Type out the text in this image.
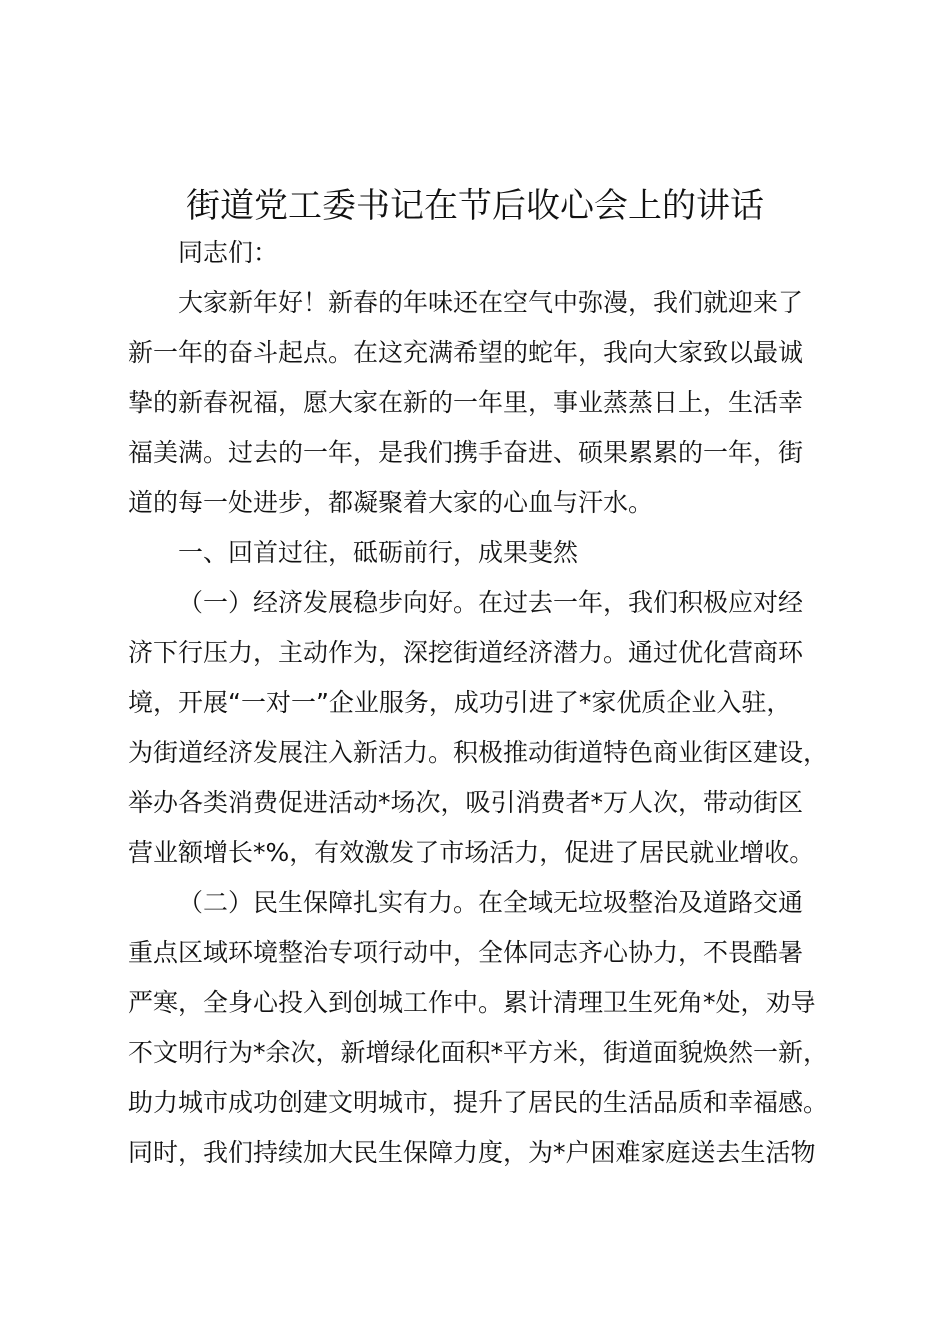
街道党工委书记在节后收心会上的讲话
同志们：
大家新年好！新春的年味还在空气中弥漫，我们就迎来了
新一年的奋斗起点。在这充满希望的蛇年，我向大家致以最诚
挚的新春祝福，愿大家在新的一年里，事业蒸蒸日上，生活幸
福美满。过去的一年，是我们携手奋进、硕果累累的一年，街
道的每一处进步，都凝聚着大家的心血与汗水。
一、回首过往，砥砺前行，成果斐然
（一）经济发展稳步向好。在过去一年，我们积极应对经
济下行压力，主动作为，深挖街道经济潜力。通过优化营商环
境，开展“一对一”企业服务，成功引进了*家优质企业入驻，
为街道经济发展注入新活力。积极推动街道特色商业街区建设，
举办各类消费促进活动*场次，吸引消费者*万人次，带动街区
营业额增长*%，有效激发了市场活力，促进了居民就业增收。
（二）民生保障扎实有力。在全域无垃圾整治及道路交通
重点区域环境整治专项行动中，全体同志齐心协力，不畏酷暑
严寒，全身心投入到创城工作中。累计清理卫生死角*处，劝导
不文明行为*余次，新增绿化面积*平方米，街道面貌焕然一新，
助力城市成功创建文明城市，提升了居民的生活品质和幸福感。
同时，我们持续加大民生保障力度，为*户困难家庭送去生活物
